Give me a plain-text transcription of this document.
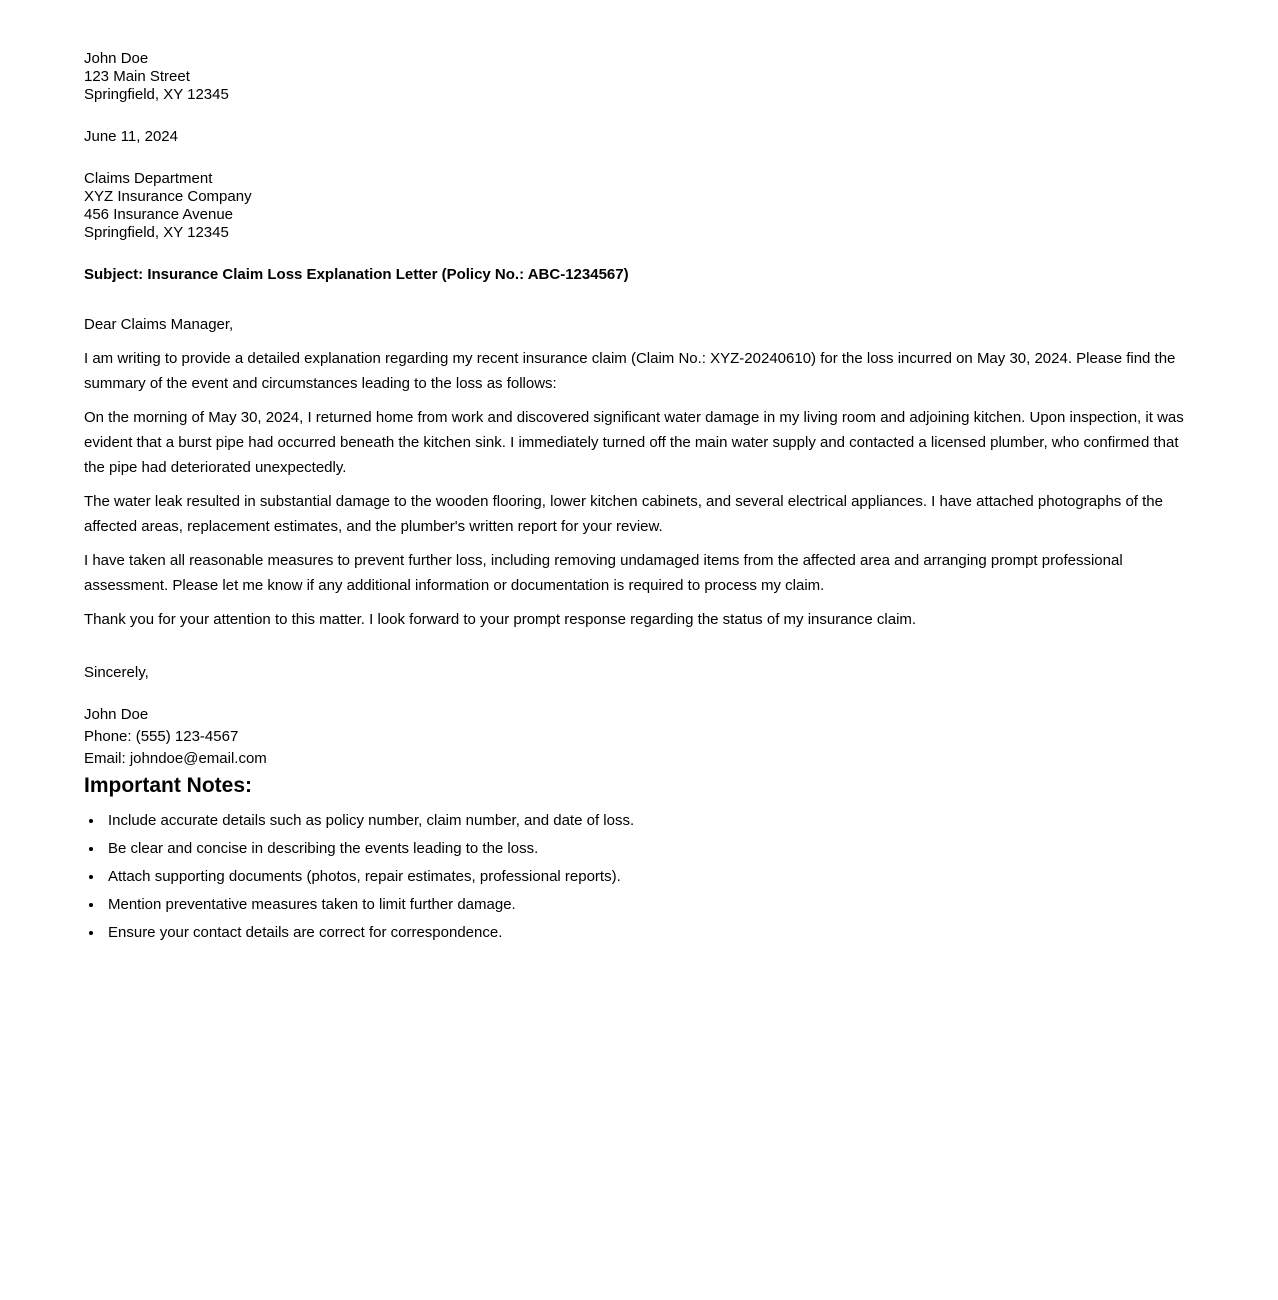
John Doe
123 Main Street
Springfield, XY 12345
June 11, 2024
Claims Department
XYZ Insurance Company
456 Insurance Avenue
Springfield, XY 12345
Subject: Insurance Claim Loss Explanation Letter (Policy No.: ABC-1234567)

Dear Claims Manager,

I am writing to provide a detailed explanation regarding my recent insurance claim (Claim No.: XYZ-20240610) for the loss incurred on May 30, 2024. Please find the summary of the event and circumstances leading to the loss as follows:

On the morning of May 30, 2024, I returned home from work and discovered significant water damage in my living room and adjoining kitchen. Upon inspection, it was evident that a burst pipe had occurred beneath the kitchen sink. I immediately turned off the main water supply and contacted a licensed plumber, who confirmed that the pipe had deteriorated unexpectedly.

The water leak resulted in substantial damage to the wooden flooring, lower kitchen cabinets, and several electrical appliances. I have attached photographs of the affected areas, replacement estimates, and the plumber's written report for your review.

I have taken all reasonable measures to prevent further loss, including removing undamaged items from the affected area and arranging prompt professional assessment. Please let me know if any additional information or documentation is required to process my claim.

Thank you for your attention to this matter. I look forward to your prompt response regarding the status of my insurance claim.

Sincerely,

John Doe
Phone: (555) 123-4567
Email: johndoe@email.com
Important Notes:
• Include accurate details such as policy number, claim number, and date of loss.
• Be clear and concise in describing the events leading to the loss.
• Attach supporting documents (photos, repair estimates, professional reports).
• Mention preventative measures taken to limit further damage.
• Ensure your contact details are correct for correspondence.
